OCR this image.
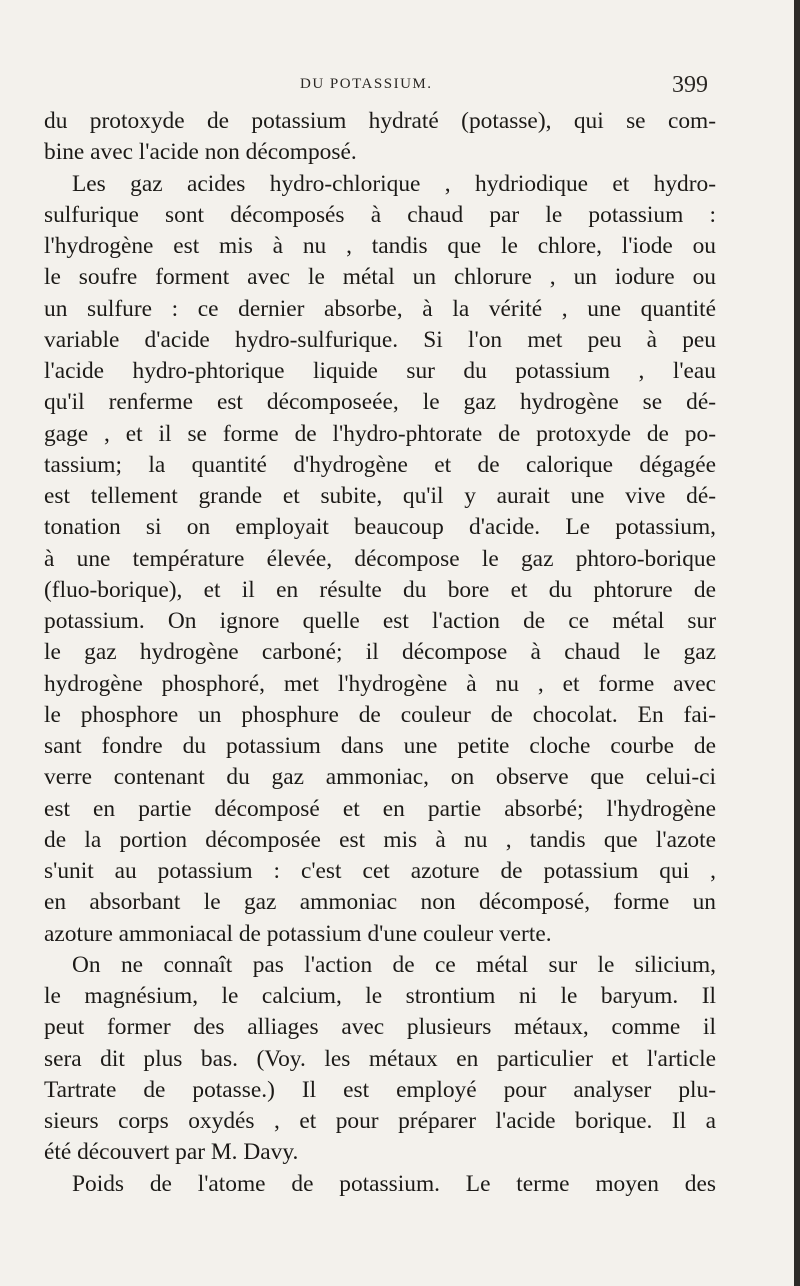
DU POTASSIUM.	399
du protoxyde de potassium hydraté (potasse), qui se com-
bine avec l'acide non décomposé.
Les gaz acides hydro-chlorique , hydriodique et hydro-
sulfurique sont décomposés à chaud par le potassium :
l'hydrogène est mis à nu , tandis que le chlore, l'iode ou
le soufre forment avec le métal un chlorure , un iodure ou
un sulfure : ce dernier absorbe, à la vérité , une quantité
variable d'acide hydro-sulfurique. Si l'on met peu à peu
l'acide hydro-phtorique liquide sur du potassium , l'eau
qu'il renferme est décomposeée, le gaz hydrogène se dé-
gage , et il se forme de l'hydro-phtorate de protoxyde de po-
tassium; la quantité d'hydrogène et de calorique dégagée
est tellement grande et subite, qu'il y aurait une vive dé-
tonation si on employait beaucoup d'acide. Le potassium,
à une température élevée, décompose le gaz phtoro-borique
(fluo-borique), et il en résulte du bore et du phtorure de
potassium. On ignore quelle est l'action de ce métal sur
le gaz hydrogène carboné; il décompose à chaud le gaz
hydrogène phosphoré, met l'hydrogène à nu , et forme avec
le phosphore un phosphure de couleur de chocolat. En fai-
sant fondre du potassium dans une petite cloche courbe de
verre contenant du gaz ammoniac, on observe que celui-ci
est en partie décomposé et en partie absorbé; l'hydrogène
de la portion décomposée est mis à nu , tandis que l'azote
s'unit au potassium : c'est cet azoture de potassium qui ,
en absorbant le gaz ammoniac non décomposé, forme un
azoture ammoniacal de potassium d'une couleur verte.
On ne connaît pas l'action de ce métal sur le silicium,
le magnésium, le calcium, le strontium ni le baryum. Il
peut former des alliages avec plusieurs métaux, comme il
sera dit plus bas. (Voy. les métaux en particulier et l'article
Tartrate de potasse.) Il est employé pour analyser plu-
sieurs corps oxydés , et pour préparer l'acide borique. Il a
été découvert par M. Davy.
Poids de l'atome de potassium. Le terme moyen des
